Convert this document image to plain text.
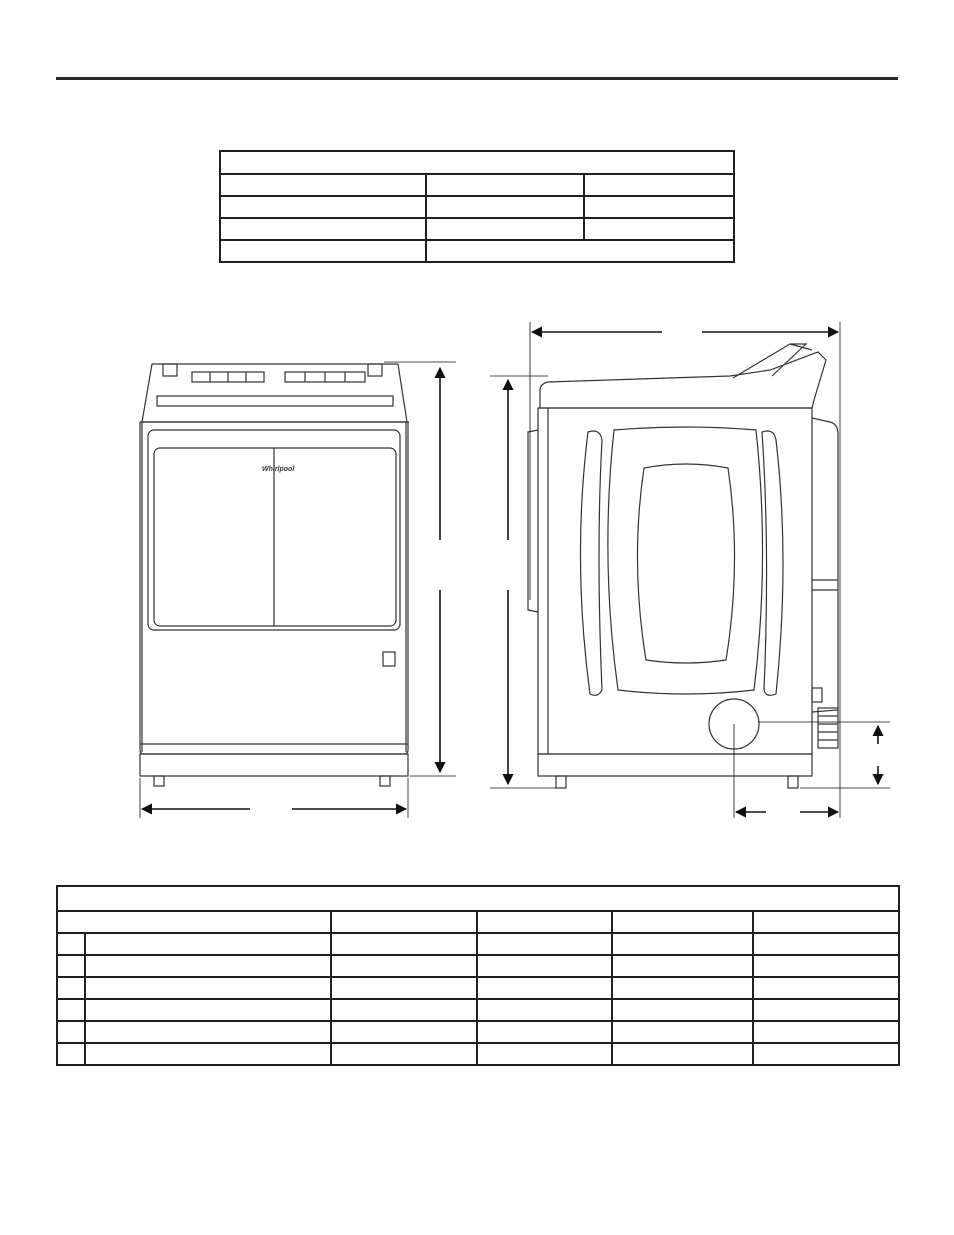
Whirlpool
